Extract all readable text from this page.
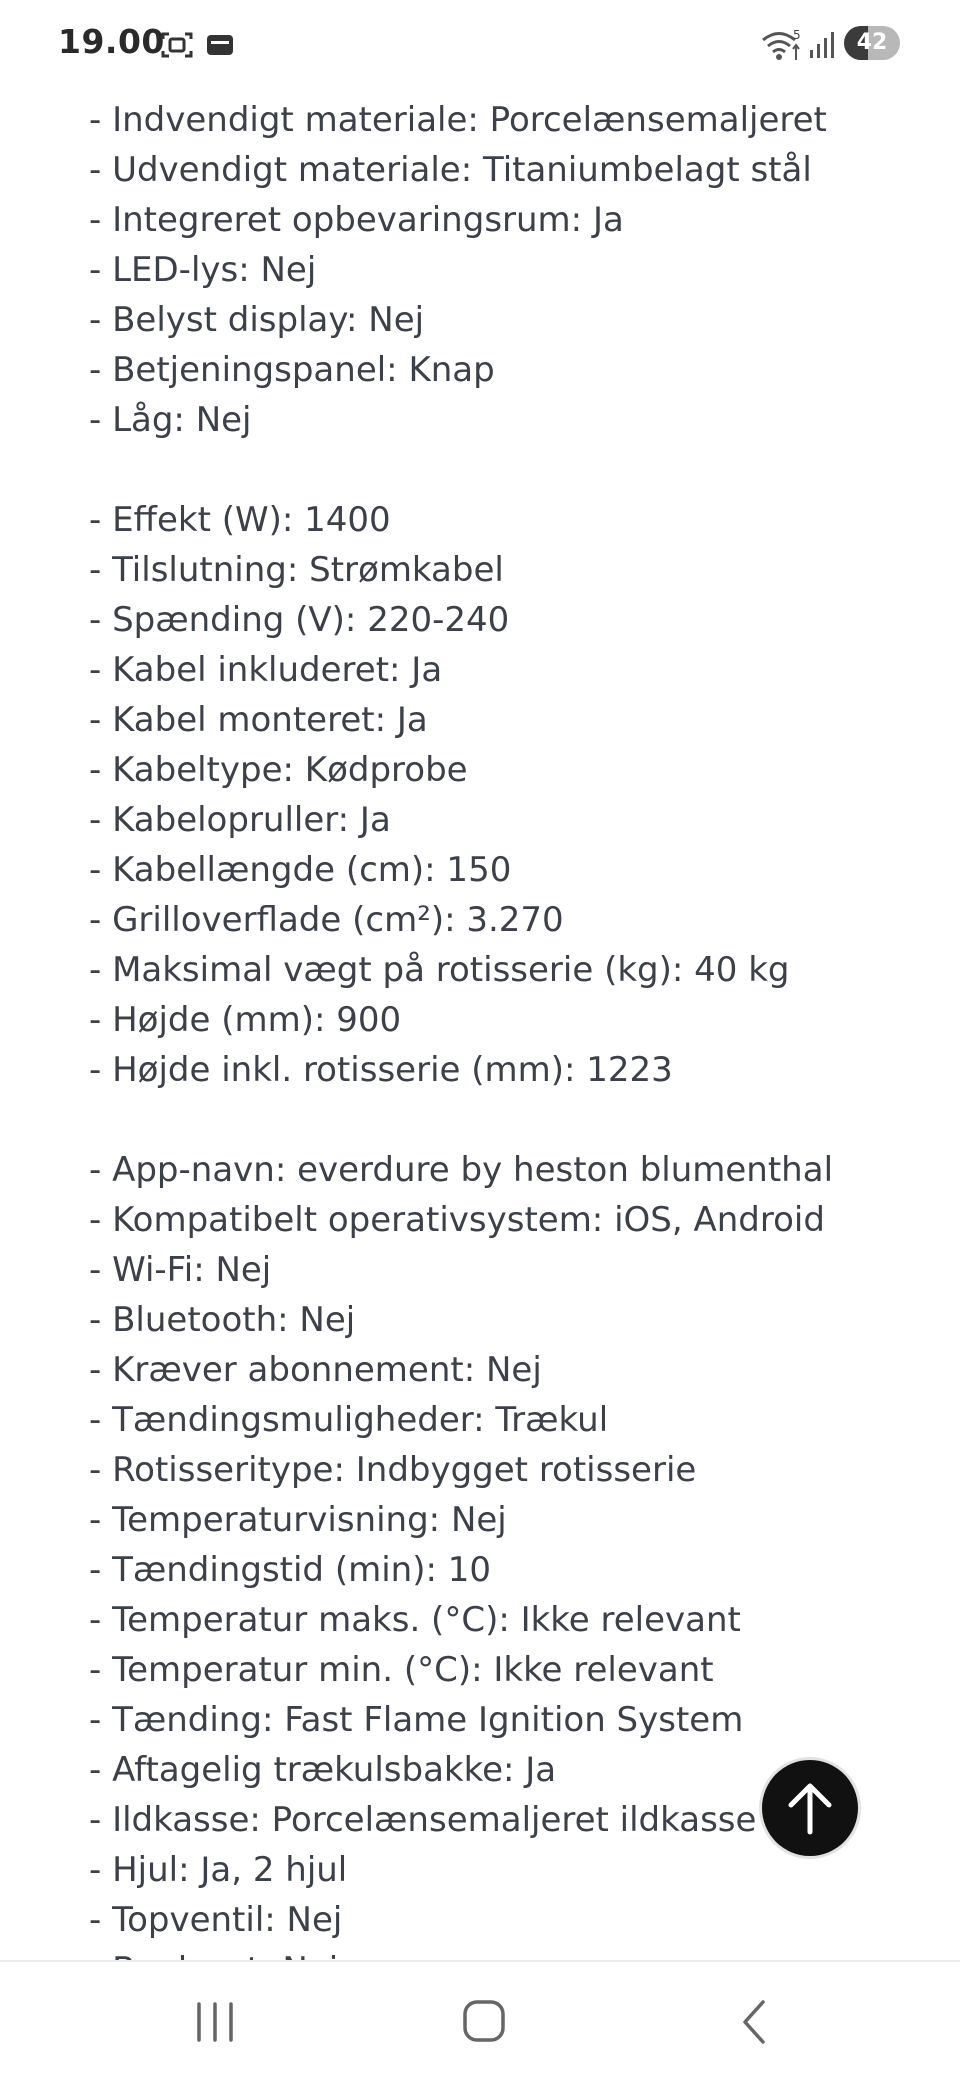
19.00	5	42
- Indvendigt materiale: Porcelænsemaljeret
- Udvendigt materiale: Titaniumbelagt stål
- Integreret opbevaringsrum: Ja
- LED-lys: Nej
- Belyst display: Nej
- Betjeningspanel: Knap
- Låg: Nej
- Effekt (W): 1400
- Tilslutning: Strømkabel
- Spænding (V): 220-240
- Kabel inkluderet: Ja
- Kabel monteret: Ja
- Kabeltype: Kødprobe
- Kabelopruller: Ja
- Kabellængde (cm): 150
- Grilloverflade (cm²): 3.270
- Maksimal vægt på rotisserie (kg): 40 kg
- Højde (mm): 900
- Højde inkl. rotisserie (mm): 1223
- App-navn: everdure by heston blumenthal
- Kompatibelt operativsystem: iOS, Android
- Wi-Fi: Nej
- Bluetooth: Nej
- Kræver abonnement: Nej
- Tændingsmuligheder: Trækul
- Rotisseritype: Indbygget rotisserie
- Temperaturvisning: Nej
- Tændingstid (min): 10
- Temperatur maks. (°C): Ikke relevant
- Temperatur min. (°C): Ikke relevant
- Tænding: Fast Flame Ignition System
- Aftagelig trækulsbakke: Ja
- Ildkasse: Porcelænsemaljeret ildkasse
- Hjul: Ja, 2 hjul
- Topventil: Nej
